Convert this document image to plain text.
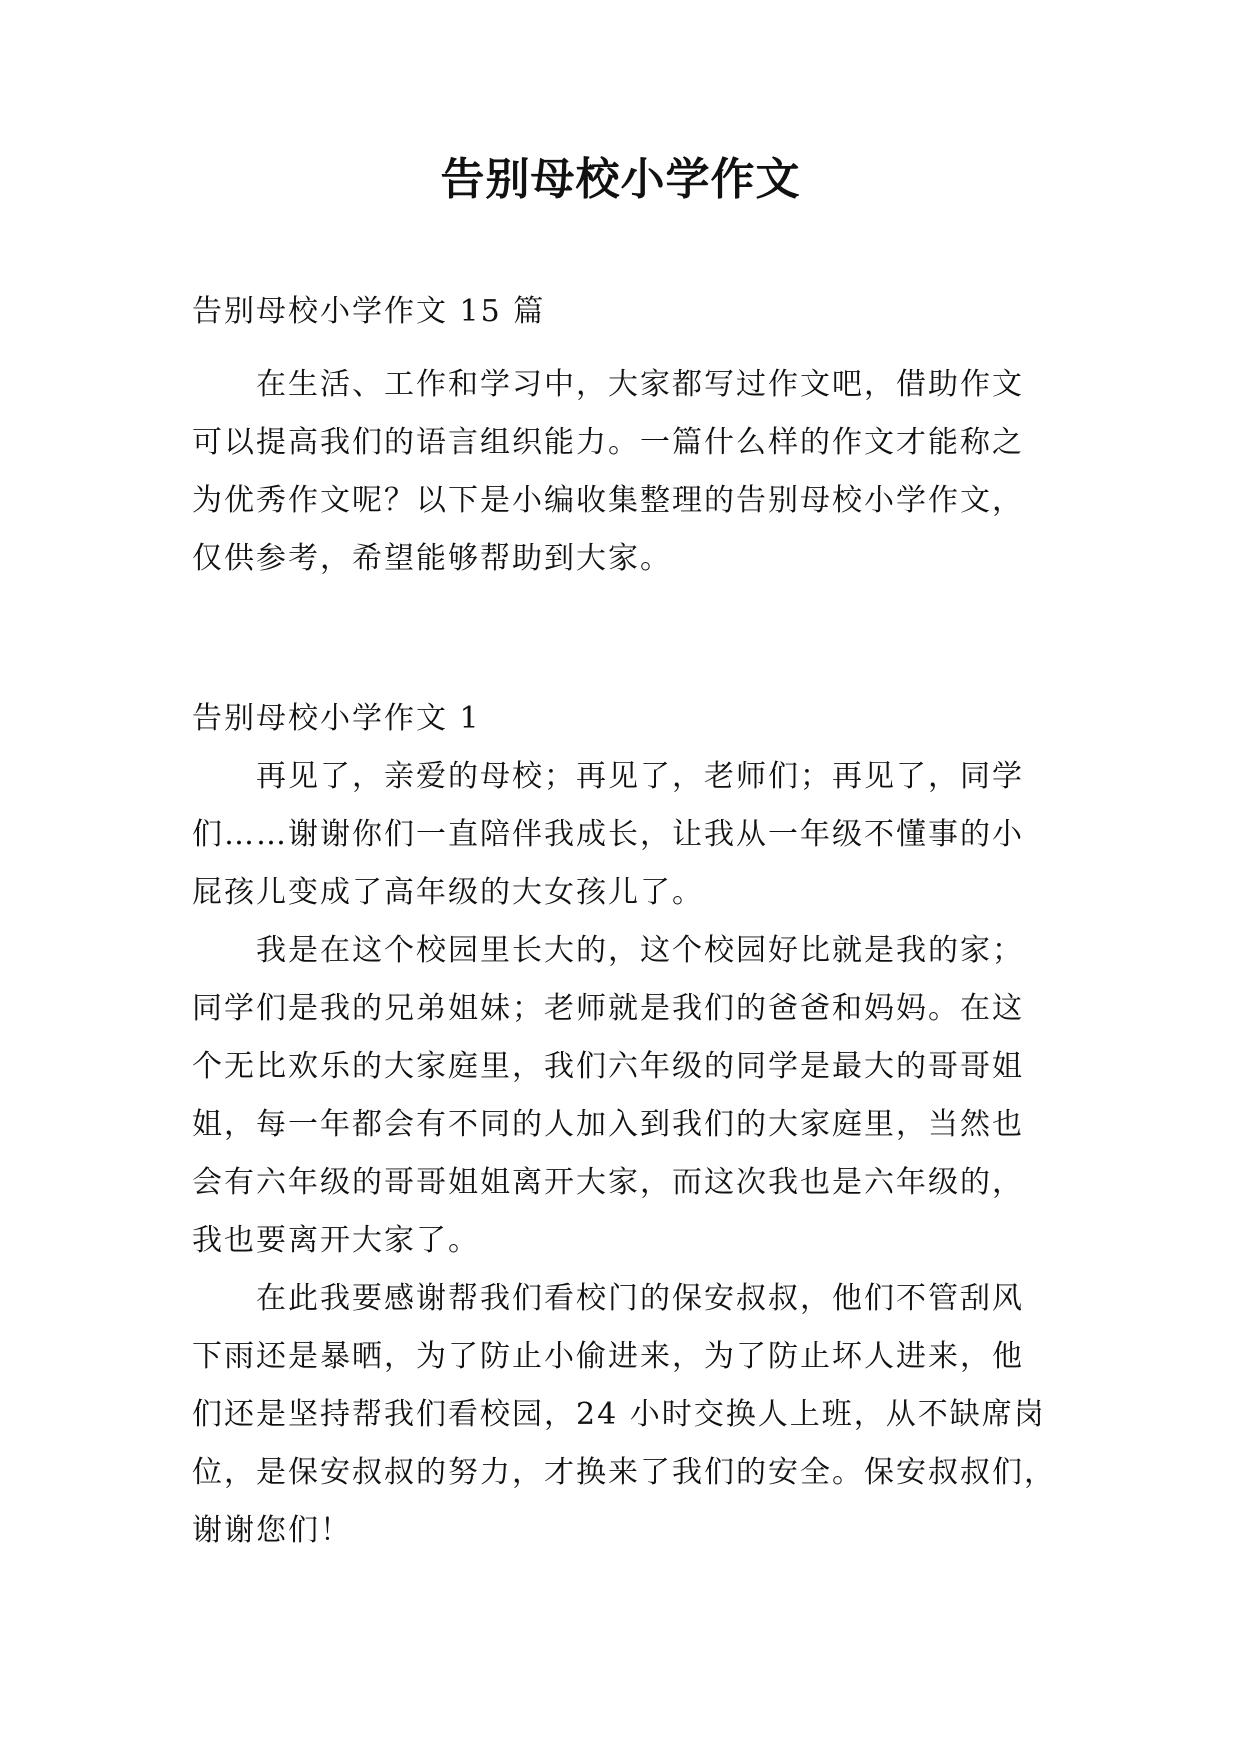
告别母校小学作文
告别母校小学作文 15 篇
在生活、工作和学习中，大家都写过作文吧，借助作文
可以提高我们的语言组织能力。一篇什么样的作文才能称之
为优秀作文呢？以下是小编收集整理的告别母校小学作文，
仅供参考，希望能够帮助到大家。
告别母校小学作文 1
再见了，亲爱的母校；再见了，老师们；再见了，同学
们……谢谢你们一直陪伴我成长，让我从一年级不懂事的小
屁孩儿变成了高年级的大女孩儿了。
我是在这个校园里长大的，这个校园好比就是我的家；
同学们是我的兄弟姐妹；老师就是我们的爸爸和妈妈。在这
个无比欢乐的大家庭里，我们六年级的同学是最大的哥哥姐
姐，每一年都会有不同的人加入到我们的大家庭里，当然也
会有六年级的哥哥姐姐离开大家，而这次我也是六年级的，
我也要离开大家了。
在此我要感谢帮我们看校门的保安叔叔，他们不管刮风
下雨还是暴晒，为了防止小偷进来，为了防止坏人进来，他
们还是坚持帮我们看校园，24 小时交换人上班，从不缺席岗
位，是保安叔叔的努力，才换来了我们的安全。保安叔叔们，
谢谢您们！
